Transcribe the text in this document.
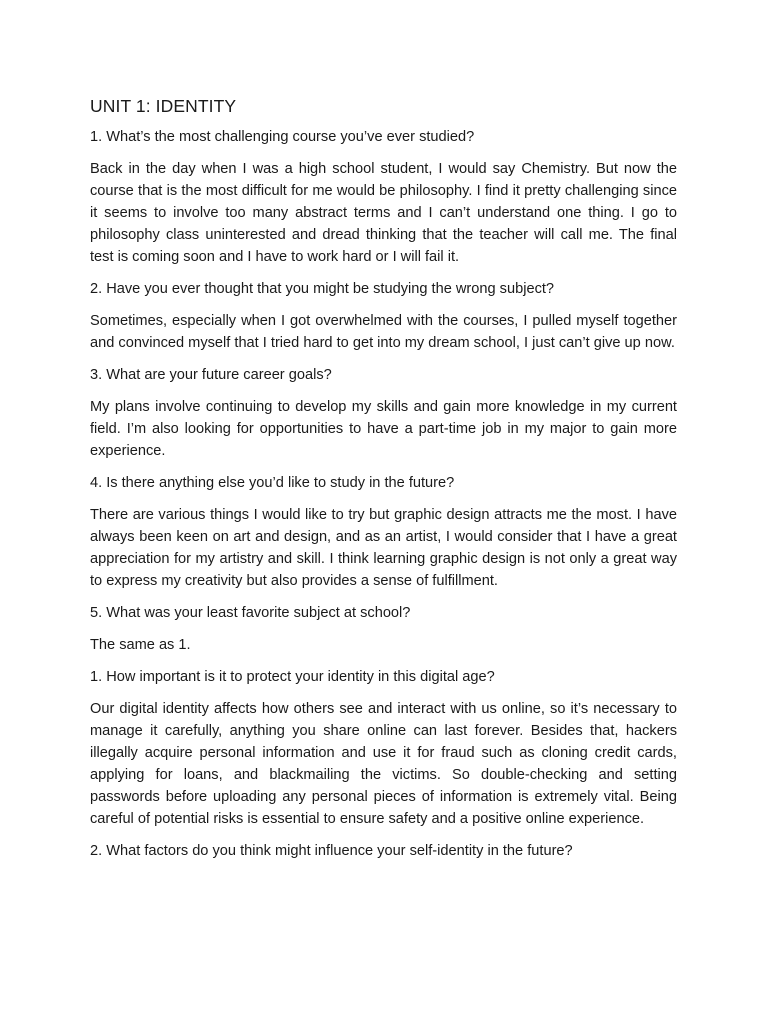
UNIT 1: IDENTITY

1. What’s the most challenging course you’ve ever studied?

Back in the day when I was a high school student, I would say Chemistry. But now the course that is the most difficult for me would be philosophy. I find it pretty challenging since it seems to involve too many abstract terms and I can’t understand one thing. I go to philosophy class uninterested and dread thinking that the teacher will call me. The final test is coming soon and I have to work hard or I will fail it.

2. Have you ever thought that you might be studying the wrong subject?

Sometimes, especially when I got overwhelmed with the courses, I pulled myself together and convinced myself that I tried hard to get into my dream school, I just can’t give up now.

3. What are your future career goals?

My plans involve continuing to develop my skills and gain more knowledge in my current field. I’m also looking for opportunities to have a part-time job in my major to gain more experience.

4. Is there anything else you’d like to study in the future?

There are various things I would like to try but graphic design attracts me the most. I have always been keen on art and design, and as an artist, I would consider that I have a great appreciation for my artistry and skill. I think learning graphic design is not only a great way to express my creativity but also provides a sense of fulfillment.

5. What was your least favorite subject at school?

The same as 1.

1. How important is it to protect your identity in this digital age?

Our digital identity affects how others see and interact with us online, so it’s necessary to manage it carefully, anything you share online can last forever. Besides that, hackers illegally acquire personal information and use it for fraud such as cloning credit cards, applying for loans, and blackmailing the victims. So double-checking and setting passwords before uploading any personal pieces of information is extremely vital. Being careful of potential risks is essential to ensure safety and a positive online experience.

2. What factors do you think might influence your self-identity in the future?
